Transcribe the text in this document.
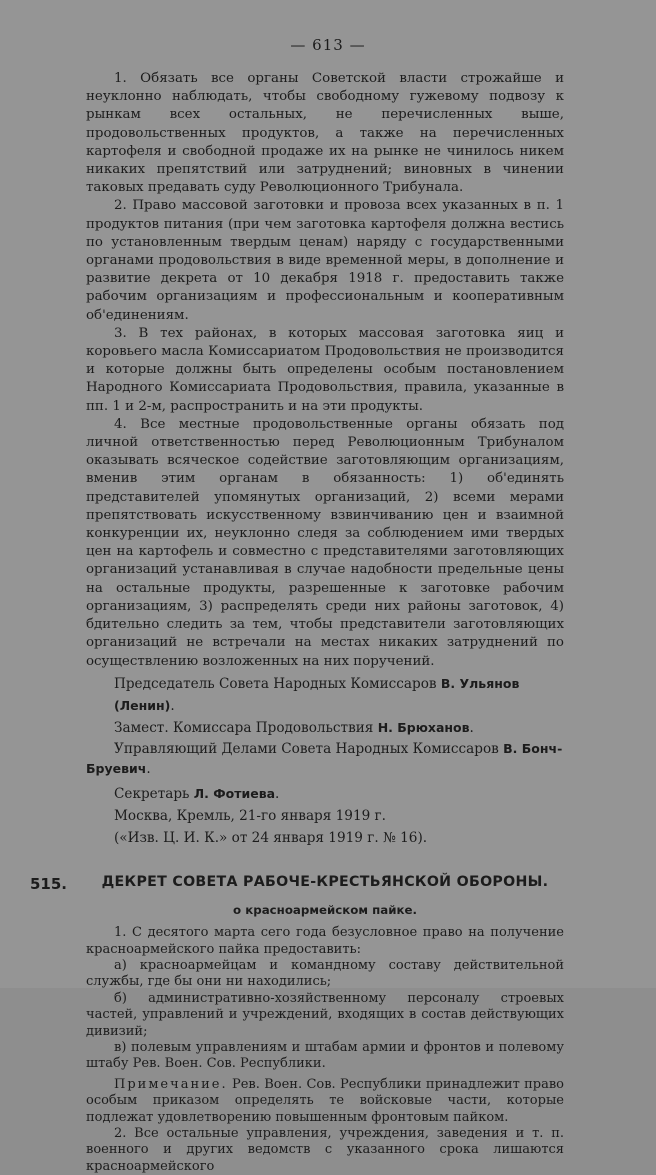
— 613 —

1. Обязать все органы Советской власти строжайше и неуклонно наблюдать, чтобы свободному гужевому подвозу к рынкам всех остальных, не перечисленных выше, продовольственных продуктов, а также на перечисленных картофеля и свободной продаже их на рынке не чинилось никем никаких препятствий или затруднений; виновных в чинении таковых предавать суду Революционного Трибунала.

2. Право массовой заготовки и провоза всех указанных в п. 1 продуктов питания (при чем заготовка картофеля должна вестись по установленным твердым ценам) наряду с государственными органами продовольствия в виде временной меры, в дополнение и развитие декрета от 10 декабря 1918 г. предоставить также рабочим организациям и профессиональным и кооперативным об'единениям.

3. В тех районах, в которых массовая заготовка яиц и коровьего масла Комиссариатом Продовольствия не производится и которые должны быть определены особым постановлением Народного Комиссариата Продовольствия, правила, указанные в пп. 1 и 2-м, распространить и на эти продукты.

4. Все местные продовольственные органы обязать под личной ответственностью перед Революционным Трибуналом оказывать всяческое содействие заготовляющим организациям, вменив этим органам в обязанность: 1) об'единять представителей упомянутых организаций, 2) всеми мерами препятствовать искусственному взвинчиванию цен и взаимной конкуренции их, неуклонно следя за соблюдением ими твердых цен на картофель и совместно с представителями заготовляющих организаций устанавливая в случае надобности предельные цены на остальные продукты, разрешенные к заготовке рабочим организациям, 3) распределять среди них районы заготовок, 4) бдительно следить за тем, чтобы представители заготовляющих организаций не встречали на местах никаких затруднений по осуществлению возложенных на них поручений.

Председатель Совета Народных Комиссаров В. Ульянов (Ленин).

Замест. Комиссара Продовольствия Н. Брюханов.

Управляющий Делами Совета Народных Комиссаров В. Бонч-Бруевич.

Секретарь Л. Фотиева.

Москва, Кремль, 21-го января 1919 г.

(«Изв. Ц. И. К.» от 24 января 1919 г. № 16).

515.	ДЕКРЕТ СОВЕТА РАБОЧЕ-КРЕСТЬЯНСКОЙ ОБОРОНЫ.

о красноармейском пайке.

1. С десятого марта сего года безусловное право на получение красноармейского пайка предоставить:

а) красноармейцам и командному составу действительной службы, где бы они ни находились;

б) административно-хозяйственному персоналу строевых частей, управлений и учреждений, входящих в состав действующих дивизий;

в) полевым управлениям и штабам армии и фронтов и полевому штабу Рев. Воен. Сов. Республики.

Примечание. Рев. Воен. Сов. Республики принадлежит право особым приказом определять те войсковые части, которые подлежат удовлетворению повышенным фронтовым пайком.

2. Все остальные управления, учреждения, заведения и т. п. военного и других ведомств с указанного срока лишаются красноармейского
